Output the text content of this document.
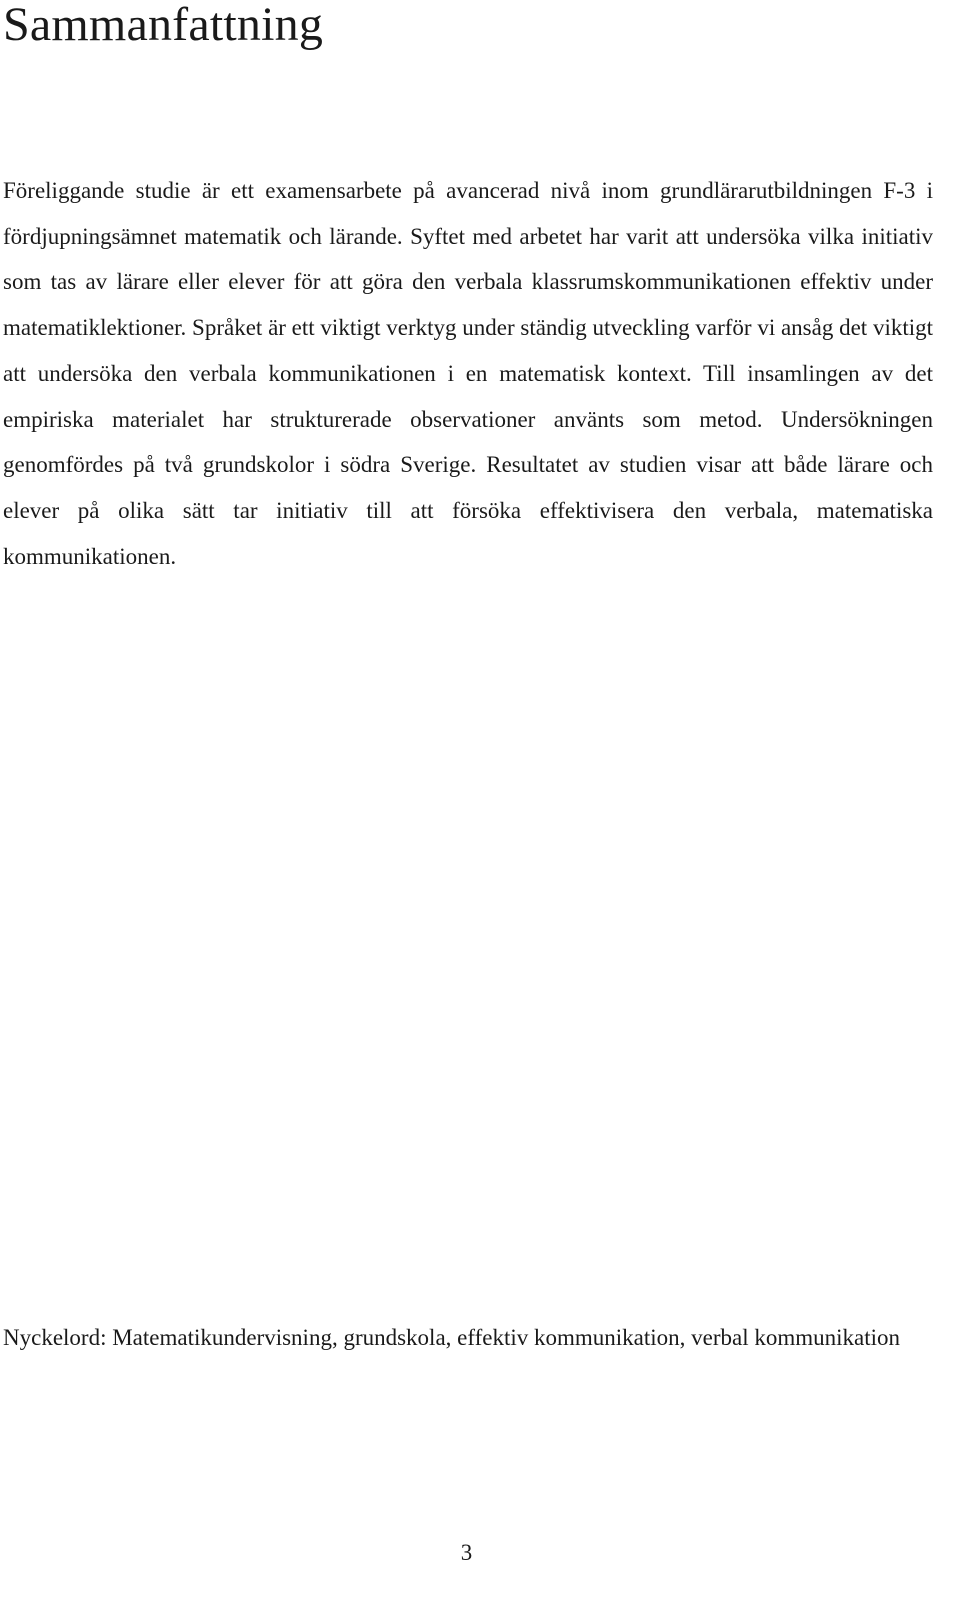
Sammanfattning

Föreliggande studie är ett examensarbete på avancerad nivå inom grundlärarutbildningen F-3 i fördjupningsämnet matematik och lärande. Syftet med arbetet har varit att undersöka vilka initiativ som tas av lärare eller elever för att göra den verbala klassrumskommunikationen effektiv under matematiklektioner. Språket är ett viktigt verktyg under ständig utveckling varför vi ansåg det viktigt att undersöka den verbala kommunikationen i en matematisk kontext. Till insamlingen av det empiriska materialet har strukturerade observationer använts som metod. Undersökningen genomfördes på två grundskolor i södra Sverige. Resultatet av studien visar att både lärare och elever på olika sätt tar initiativ till att försöka effektivisera den verbala, matematiska kommunikationen.

Nyckelord: Matematikundervisning, grundskola, effektiv kommunikation, verbal kommunikation

3
